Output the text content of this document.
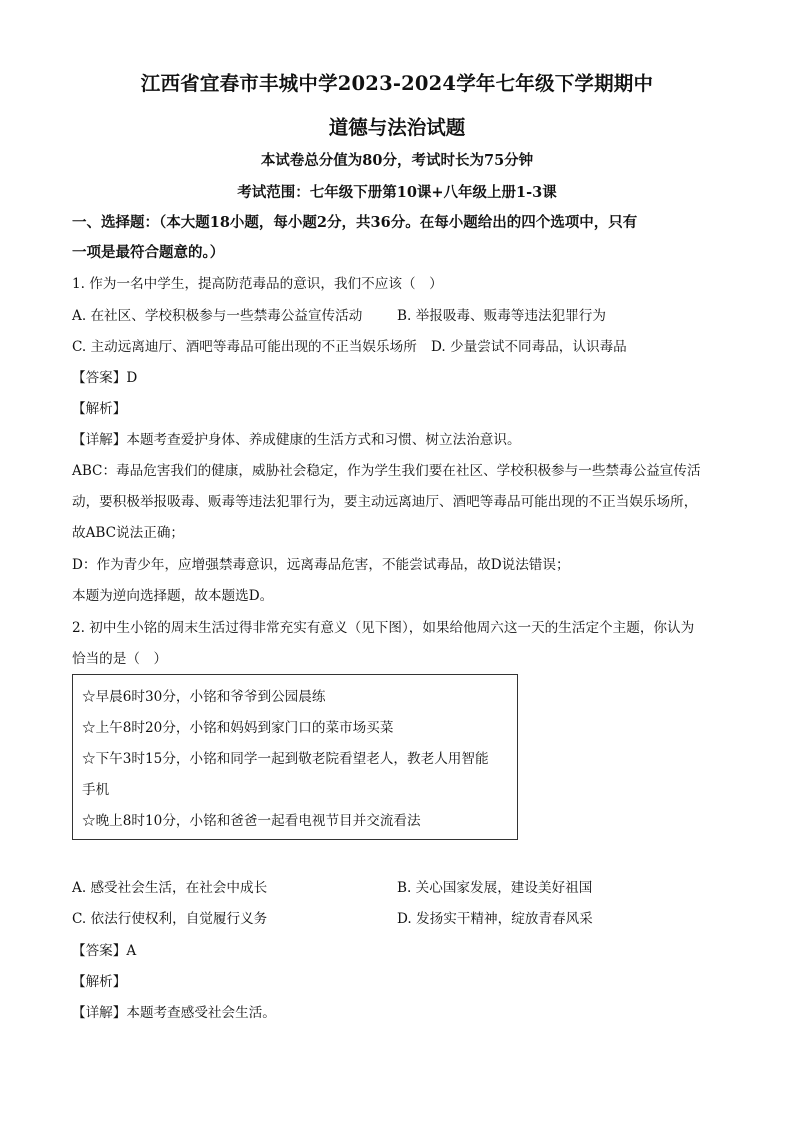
江西省宜春市丰城中学2023-2024学年七年级下学期期中
道德与法治试题
本试卷总分值为80分，考试时长为75分钟
考试范围：七年级下册第10课+八年级上册1-3课
一、选择题：（本大题18小题，每小题2分，共36分。在每小题给出的四个选项中，只有
一项是最符合题意的。）
1. 作为一名中学生，提高防范毒品的意识，我们不应该（　）
A. 在社区、学校积极参与一些禁毒公益宣传活动	B. 举报吸毒、贩毒等违法犯罪行为
C. 主动远离迪厅、酒吧等毒品可能出现的不正当娱乐场所 D. 少量尝试不同毒品，认识毒品
【答案】D
【解析】
【详解】本题考查爱护身体、养成健康的生活方式和习惯、树立法治意识。
ABC：毒品危害我们的健康，威胁社会稳定，作为学生我们要在社区、学校积极参与一些禁毒公益宣传活
动，要积极举报吸毒、贩毒等违法犯罪行为，要主动远离迪厅、酒吧等毒品可能出现的不正当娱乐场所，
故ABC说法正确；
D：作为青少年，应增强禁毒意识，远离毒品危害，不能尝试毒品，故D说法错误；
本题为逆向选择题，故本题选D。
2. 初中生小铭的周末生活过得非常充实有意义（见下图），如果给他周六这一天的生活定个主题，你认为
恰当的是（　）
☆早晨6时30分，小铭和爷爷到公园晨练
☆上午8时20分，小铭和妈妈到家门口的菜市场买菜
☆下午3时15分，小铭和同学一起到敬老院看望老人，教老人用智能
手机
☆晚上8时10分，小铭和爸爸一起看电视节目并交流看法
A. 感受社会生活，在社会中成长	B. 关心国家发展，建设美好祖国
C. 依法行使权利，自觉履行义务	D. 发扬实干精神，绽放青春风采
【答案】A
【解析】
【详解】本题考查感受社会生活。
